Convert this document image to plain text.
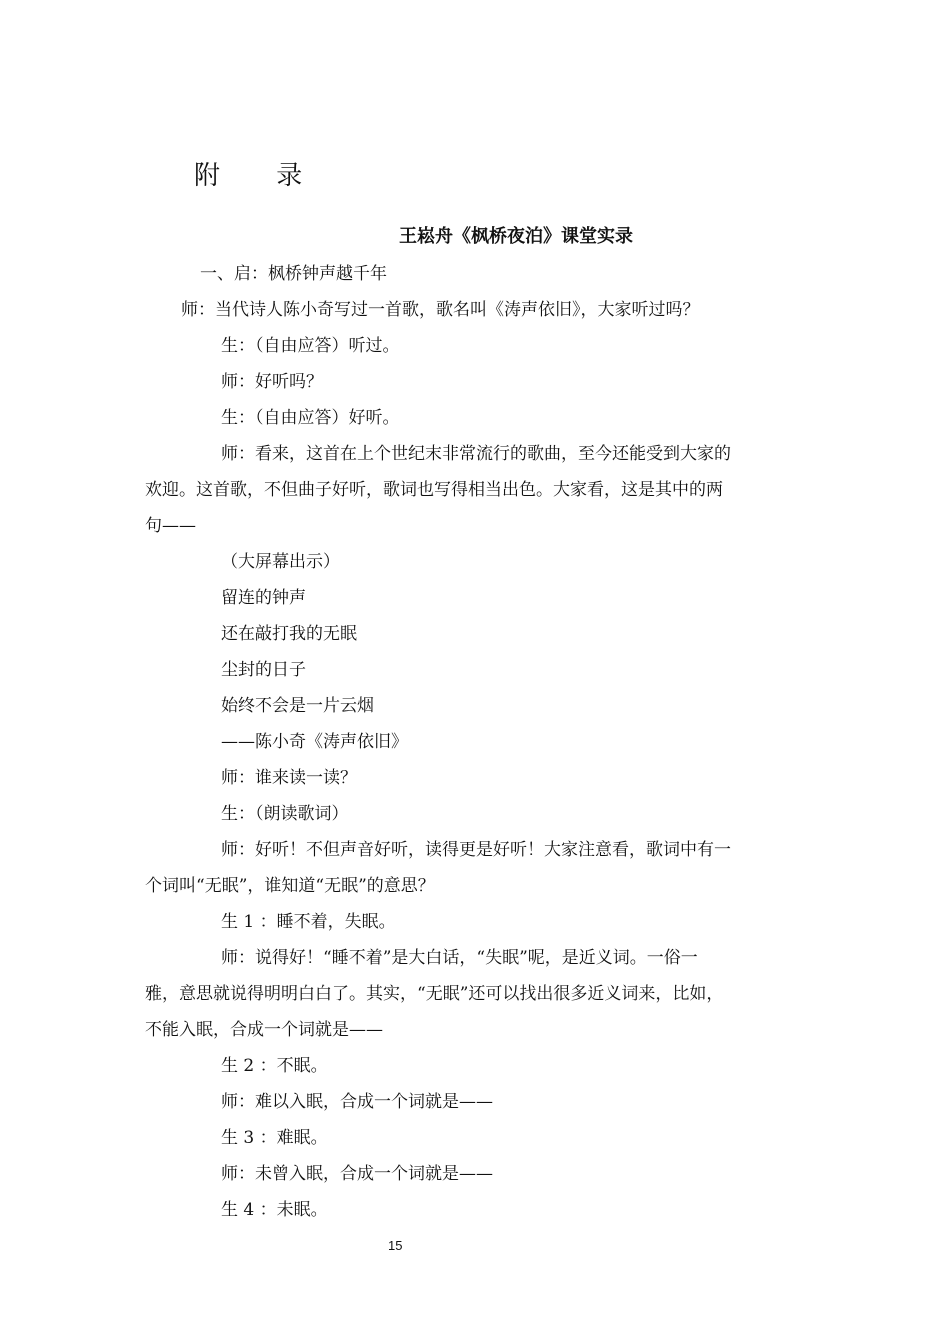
附 录
王崧舟《枫桥夜泊》课堂实录

一、启：枫桥钟声越千年

师：当代诗人陈小奇写过一首歌，歌名叫《涛声依旧》，大家听过吗？

生：（自由应答）听过。

师：好听吗？

生：（自由应答）好听。

师：看来，这首在上个世纪末非常流行的歌曲，至今还能受到大家的

欢迎。这首歌，不但曲子好听，歌词也写得相当出色。大家看，这是其中的两

句——

（大屏幕出示）

留连的钟声

还在敲打我的无眠

尘封的日子

始终不会是一片云烟

——陈小奇《涛声依旧》

师：谁来读一读？

生：（朗读歌词）

师：好听！不但声音好听，读得更是好听！大家注意看，歌词中有一

个词叫“无眠”，谁知道“无眠”的意思？

生 1 ：睡不着，失眠。

师：说得好！“睡不着”是大白话，“失眠”呢，是近义词。一俗一

雅，意思就说得明明白白了。其实，“无眠”还可以找出很多近义词来，比如，

不能入眠，合成一个词就是——

生 2 ：不眠。

师：难以入眠，合成一个词就是——

生 3 ：难眠。

师：未曾入眠，合成一个词就是——

生 4 ：未眠。

15
